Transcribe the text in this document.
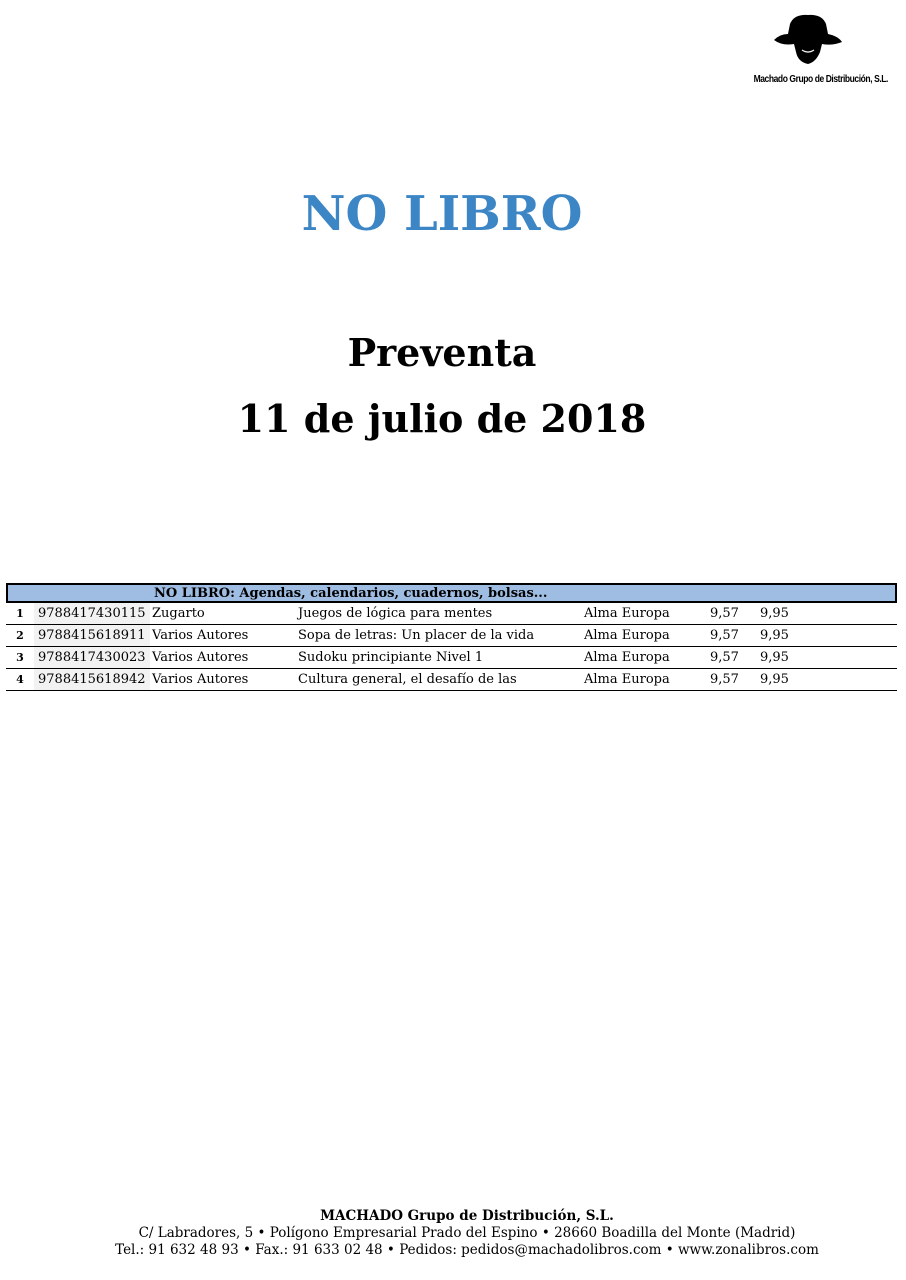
Machado Grupo de Distribución, S.L.
NO LIBRO
Preventa
11 de julio de 2018
NO LIBRO: Agendas, calendarios, cuadernos, bolsas...
1	9788417430115 Zugarto	Juegos de lógica para mentes	Alma Europa	9,57 9,95
2	9788415618911 Varios Autores	Sopa de letras: Un placer de la vida	Alma Europa	9,57 9,95
3	9788417430023 Varios Autores	Sudoku principiante Nivel 1	Alma Europa	9,57 9,95
4	9788415618942 Varios Autores	Cultura general, el desafío de las	Alma Europa	9,57 9,95
MACHADO Grupo de Distribución, S.L.
C/ Labradores, 5 • Polígono Empresarial Prado del Espino • 28660 Boadilla del Monte (Madrid)
Tel.: 91 632 48 93 • Fax.: 91 633 02 48 • Pedidos: pedidos@machadolibros.com • www.zonalibros.com
